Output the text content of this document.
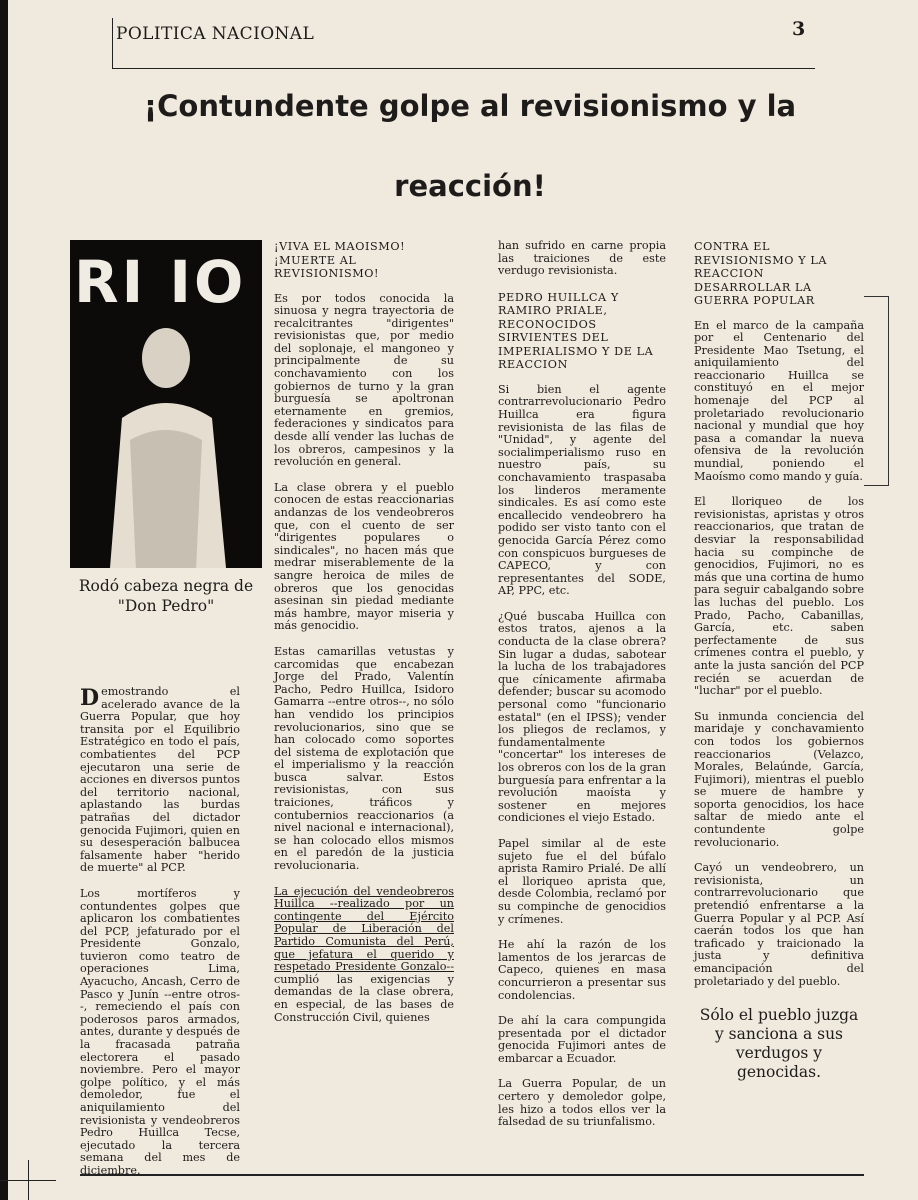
POLITICA NACIONAL	3
¡Contundente golpe al revisionismo y la
reacción!
RI IO
Rodó cabeza negra de
"Don Pedro"

Demostrando el acelerado avance de la Guerra Popular, que hoy transita por el Equilibrio Estratégico en todo el país, combatientes del PCP ejecutaron una serie de acciones en diversos puntos del territorio nacional, aplastando las burdas patrañas del dictador genocida Fujimori, quien en su desesperación balbucea falsamente haber "herido de muerte" al PCP.

Los mortíferos y contundentes golpes que aplicaron los combatientes del PCP, jefaturado por el Presidente Gonzalo, tuvieron como teatro de operaciones Lima, Ayacucho, Ancash, Cerro de Pasco y Junín --entre otros--, remeciendo el país con poderosos paros armados, antes, durante y después de la fracasada patraña electorera el pasado noviembre. Pero el mayor golpe político, y el más demoledor, fue el aniquilamiento del revisionista y vendeobreros Pedro Huillca Tecse, ejecutado la tercera semana del mes de diciembre.

¡VIVA EL MAOISMO! ¡MUERTE AL REVISIONISMO!

Es por todos conocida la sinuosa y negra trayectoria de recalcitrantes "dirigentes" revisionistas que, por medio del soplonaje, el mangoneo y principalmente de su conchavamiento con los gobiernos de turno y la gran burguesía se apoltronan eternamente en gremios, federaciones y sindicatos para desde allí vender las luchas de los obreros, campesinos y la revolución en general.

La clase obrera y el pueblo conocen de estas reaccionarias andanzas de los vendeobreros que, con el cuento de ser "dirigentes populares o sindicales", no hacen más que medrar miserablemente de la sangre heroica de miles de obreros que los genocidas asesinan sin piedad mediante más hambre, mayor miseria y más genocidio.

Estas camarillas vetustas y carcomidas que encabezan Jorge del Prado, Valentín Pacho, Pedro Huillca, Isidoro Gamarra --entre otros--, no sólo han vendido los principios revolucionarios, sino que se han colocado como soportes del sistema de explotación que el imperialismo y la reacción busca salvar. Estos revisionistas, con sus traiciones, tráficos y contubernios reaccionarios (a nivel nacional e internacional), se han colocado ellos mismos en el paredón de la justicia revolucionaria.

La ejecución del vendeobreros Huillca --realizado por un contingente del Ejército Popular de Liberación del Partido Comunista del Perú, que jefatura el querido y respetado Presidente Gonzalo-- cumplió las exigencias y demandas de la clase obrera, en especial, de las bases de Construcción Civil, quienes

han sufrido en carne propia las traiciones de este verdugo revisionista.

PEDRO HUILLCA Y RAMIRO PRIALE, RECONOCIDOS SIRVIENTES DEL IMPERIALISMO Y DE LA REACCION

Si bien el agente contrarrevolucionario Pedro Huillca era figura revisionista de las filas de "Unidad", y agente del socialimperialismo ruso en nuestro país, su conchavamiento traspasaba los linderos meramente sindicales. Es así como este encallecido vendeobrero ha podido ser visto tanto con el genocida García Pérez como con conspicuos burgueses de CAPECO, y con representantes del SODE, AP, PPC, etc.

¿Qué buscaba Huillca con estos tratos, ajenos a la conducta de la clase obrera? Sin lugar a dudas, sabotear la lucha de los trabajadores que cínicamente afirmaba defender; buscar su acomodo personal como "funcionario estatal" (en el IPSS); vender los pliegos de reclamos, y fundamentalmente "concertar" los intereses de los obreros con los de la gran burguesía para enfrentar a la revolución maoísta y sostener en mejores condiciones el viejo Estado.

Papel similar al de este sujeto fue el del búfalo aprista Ramiro Prialé. De allí el lloriqueo aprista que, desde Colombia, reclamó por su compinche de genocidios y crímenes.

He ahí la razón de los lamentos de los jerarcas de Capeco, quienes en masa concurrieron a presentar sus condolencias.

De ahí la cara compungida presentada por el dictador genocida Fujimori antes de embarcar a Ecuador.

La Guerra Popular, de un certero y demoledor golpe, les hizo a todos ellos ver la falsedad de su triunfalismo.

CONTRA EL REVISIONISMO Y LA REACCION DESARROLLAR LA GUERRA POPULAR

En el marco de la campaña por el Centenario del Presidente Mao Tsetung, el aniquilamiento del reaccionario Huillca se constituyó en el mejor homenaje del PCP al proletariado revolucionario nacional y mundial que hoy pasa a comandar la nueva ofensiva de la revolución mundial, poniendo el Maoísmo como mando y guía.

El lloriqueo de los revisionistas, apristas y otros reaccionarios, que tratan de desviar la responsabilidad hacia su compinche de genocidios, Fujimori, no es más que una cortina de humo para seguir cabalgando sobre las luchas del pueblo. Los Prado, Pacho, Cabanillas, García, etc. saben perfectamente de sus crímenes contra el pueblo, y ante la justa sanción del PCP recién se acuerdan de "luchar" por el pueblo.

Su inmunda conciencia del maridaje y conchavamiento con todos los gobiernos reaccionarios (Velazco, Morales, Belaúnde, García, Fujimori), mientras el pueblo se muere de hambre y soporta genocidios, los hace saltar de miedo ante el contundente golpe revolucionario.

Cayó un vendeobrero, un revisionista, un contrarrevolucionario que pretendió enfrentarse a la Guerra Popular y al PCP. Así caerán todos los que han traficado y traicionado la justa y definitiva emancipación del proletariado y del pueblo.

Sólo el pueblo juzga y sanciona a sus verdugos y genocidas.
